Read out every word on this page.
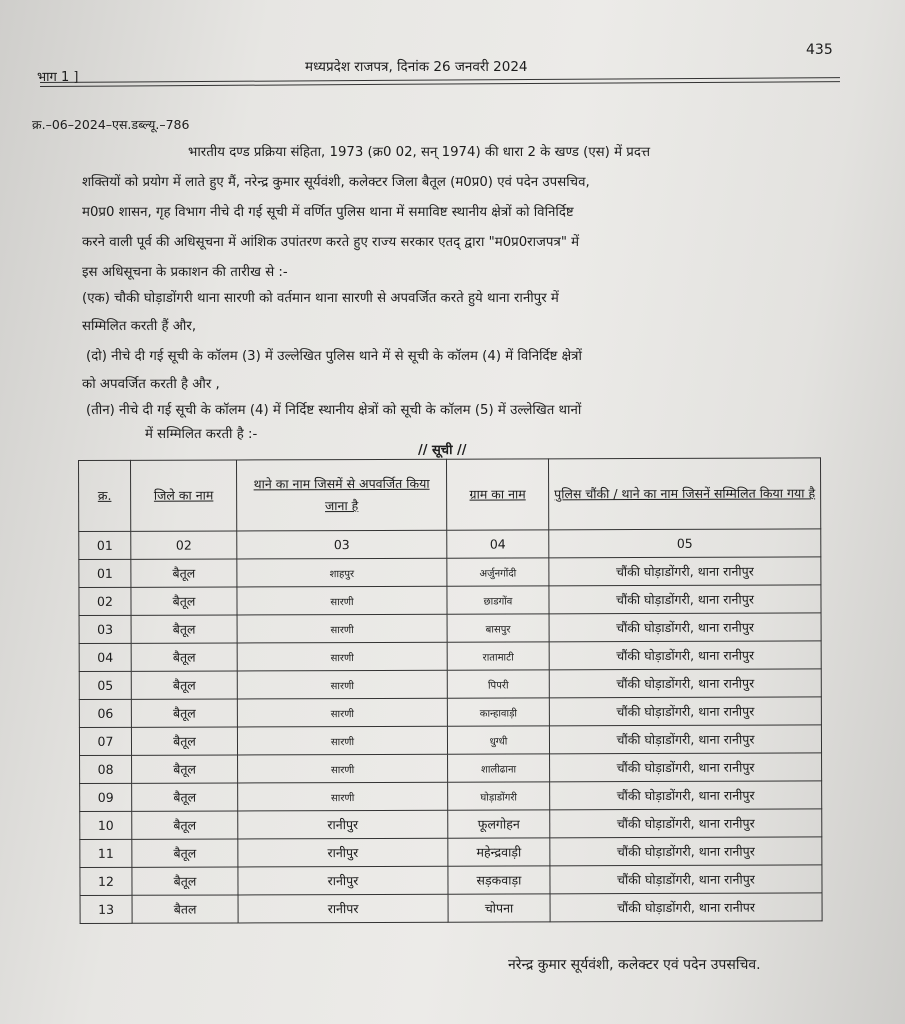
435
भाग 1 ]
मध्यप्रदेश राजपत्र, दिनांक 26 जनवरी 2024
क्र.–06–2024–एस.डब्ल्यू.–786
भारतीय दण्ड प्रक्रिया संहिता, 1973 (क्र0 02, सन् 1974) की धारा 2 के खण्ड (एस) में प्रदत्त
शक्तियों को प्रयोग में लाते हुए मैं, नरेन्द्र कुमार सूर्यवंशी, कलेक्टर जिला बैतूल (म0प्र0) एवं पदेन उपसचिव,
म0प्र0 शासन, गृह विभाग नीचे दी गई सूची में वर्णित पुलिस थाना में समाविष्ट स्थानीय क्षेत्रों को विनिर्दिष्ट
करने वाली पूर्व की अधिसूचना में आंशिक उपांतरण करते हुए राज्य सरकार एतद् द्वारा "म0प्र0राजपत्र" में
इस अधिसूचना के प्रकाशन की तारीख से :-
(एक) चौकी घोड़ाडोंगरी थाना सारणी को वर्तमान थाना सारणी से अपवर्जित करते हुये थाना रानीपुर में
सम्मिलित करती हैं और,
(दो) नीचे दी गई सूची के कॉलम (3) में उल्लेखित पुलिस थाने में से सूची के कॉलम (4) में विनिर्दिष्ट क्षेत्रों
को अपवर्जित करती है और ,
(तीन) नीचे दी गई सूची के कॉलम (4) में निर्दिष्ट स्थानीय क्षेत्रों को सूची के कॉलम (5) में उल्लेखित थानों
में सम्मिलित करती है :-
// सूची //
क्र.	जिले का नाम	थाने का नाम जिसमें से अपवर्जित किया जाना है	ग्राम का नाम	पुलिस चौंकी / थाने का नाम जिसनें सम्मिलित किया गया है
01	02	03	04	05
01	बैतूल	शाहपुर	अर्जुनगोंदी	चौंकी घोड़ाडोंगरी, थाना रानीपुर
02	बैतूल	सारणी	छाडगोंव	चौंकी घोड़ाडोंगरी, थाना रानीपुर
03	बैतूल	सारणी	बासपुर	चौंकी घोड़ाडोंगरी, थाना रानीपुर
04	बैतूल	सारणी	रातामाटी	चौंकी घोड़ाडोंगरी, थाना रानीपुर
05	बैतूल	सारणी	पिपरी	चौंकी घोड़ाडोंगरी, थाना रानीपुर
06	बैतूल	सारणी	कान्हावाड़ी	चौंकी घोड़ाडोंगरी, थाना रानीपुर
07	बैतूल	सारणी	धुग्धी	चौंकी घोड़ाडोंगरी, थाना रानीपुर
08	बैतूल	सारणी	शालीढाना	चौंकी घोड़ाडोंगरी, थाना रानीपुर
09	बैतूल	सारणी	घोड़ाडोंगरी	चौंकी घोड़ाडोंगरी, थाना रानीपुर
10	बैतूल	रानीपुर	फूलगोहन	चौंकी घोड़ाडोंगरी, थाना रानीपुर
11	बैतूल	रानीपुर	महेन्द्रवाड़ी	चौंकी घोड़ाडोंगरी, थाना रानीपुर
12	बैतूल	रानीपुर	सड़कवाड़ा	चौंकी घोड़ाडोंगरी, थाना रानीपुर
13	बैतल	रानीपर	चोपना	चौंकी घोड़ाडोंगरी, थाना रानीपर
नरेन्द्र कुमार सूर्यवंशी, कलेक्टर एवं पदेन उपसचिव.
